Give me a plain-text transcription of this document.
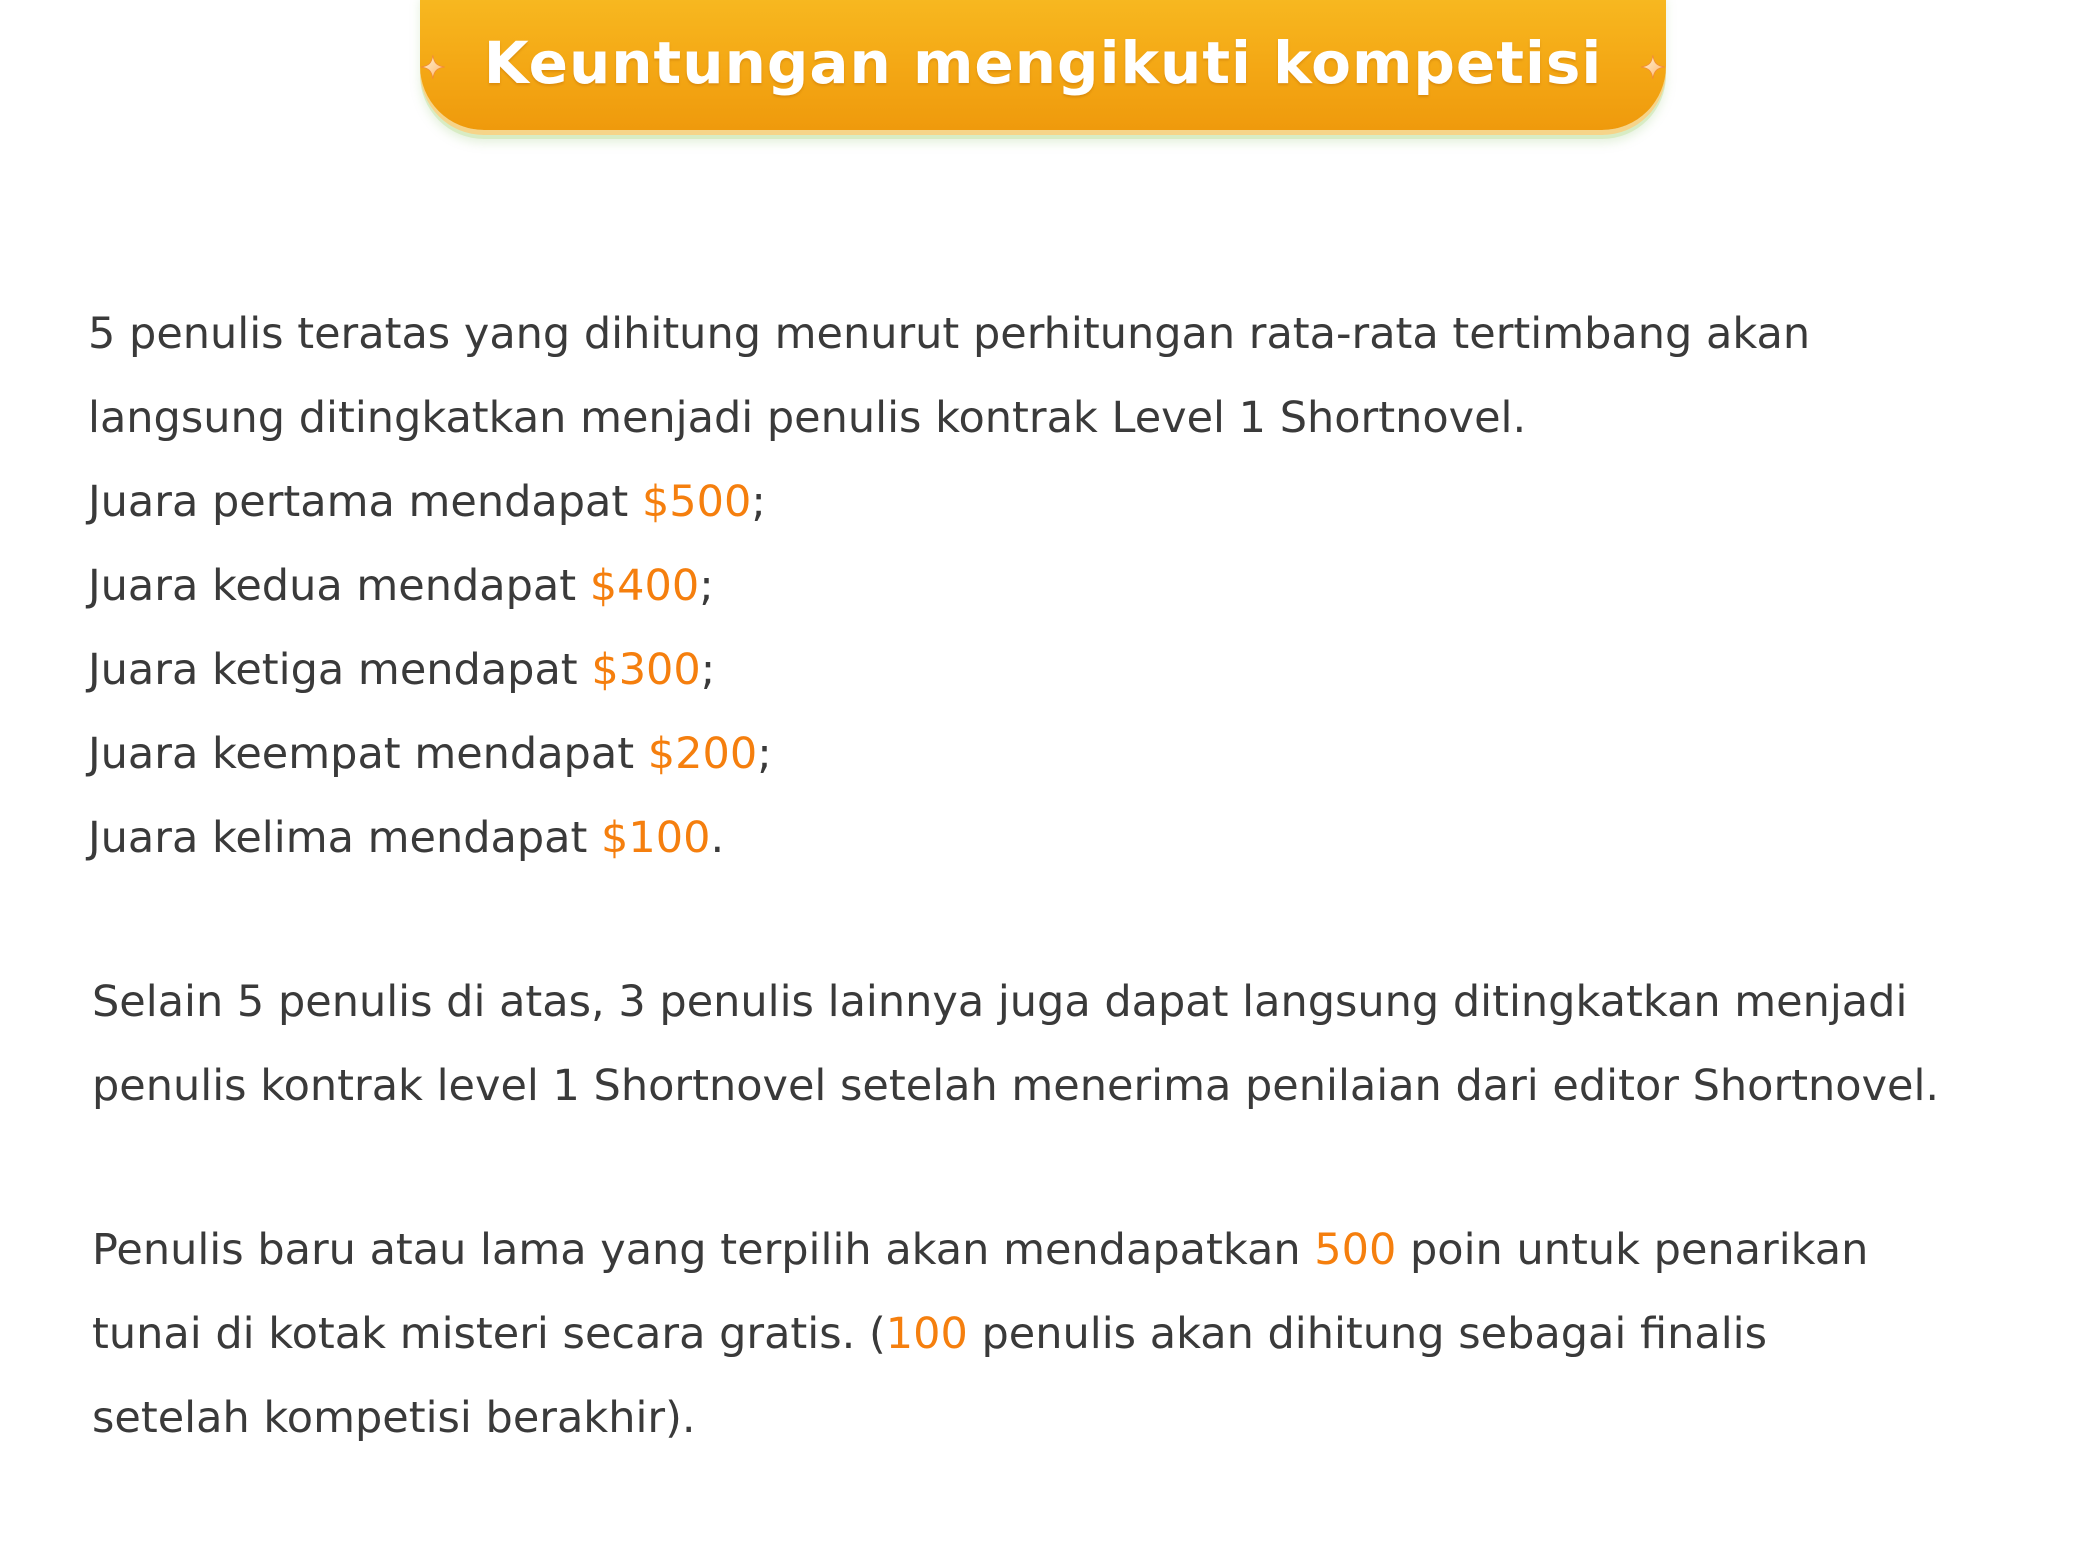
Keuntungan mengikuti kompetisi
5 penulis teratas yang dihitung menurut perhitungan rata-rata tertimbang akan
langsung ditingkatkan menjadi penulis kontrak Level 1 Shortnovel.
Juara pertama mendapat $500;
Juara kedua mendapat $400;
Juara ketiga mendapat $300;
Juara keempat mendapat $200;
Juara kelima mendapat $100.
Selain 5 penulis di atas, 3 penulis lainnya juga dapat langsung ditingkatkan menjadi
penulis kontrak level 1 Shortnovel setelah menerima penilaian dari editor Shortnovel.
Penulis baru atau lama yang terpilih akan mendapatkan 500 poin untuk penarikan
tunai di kotak misteri secara gratis. (100 penulis akan dihitung sebagai finalis
setelah kompetisi berakhir).
